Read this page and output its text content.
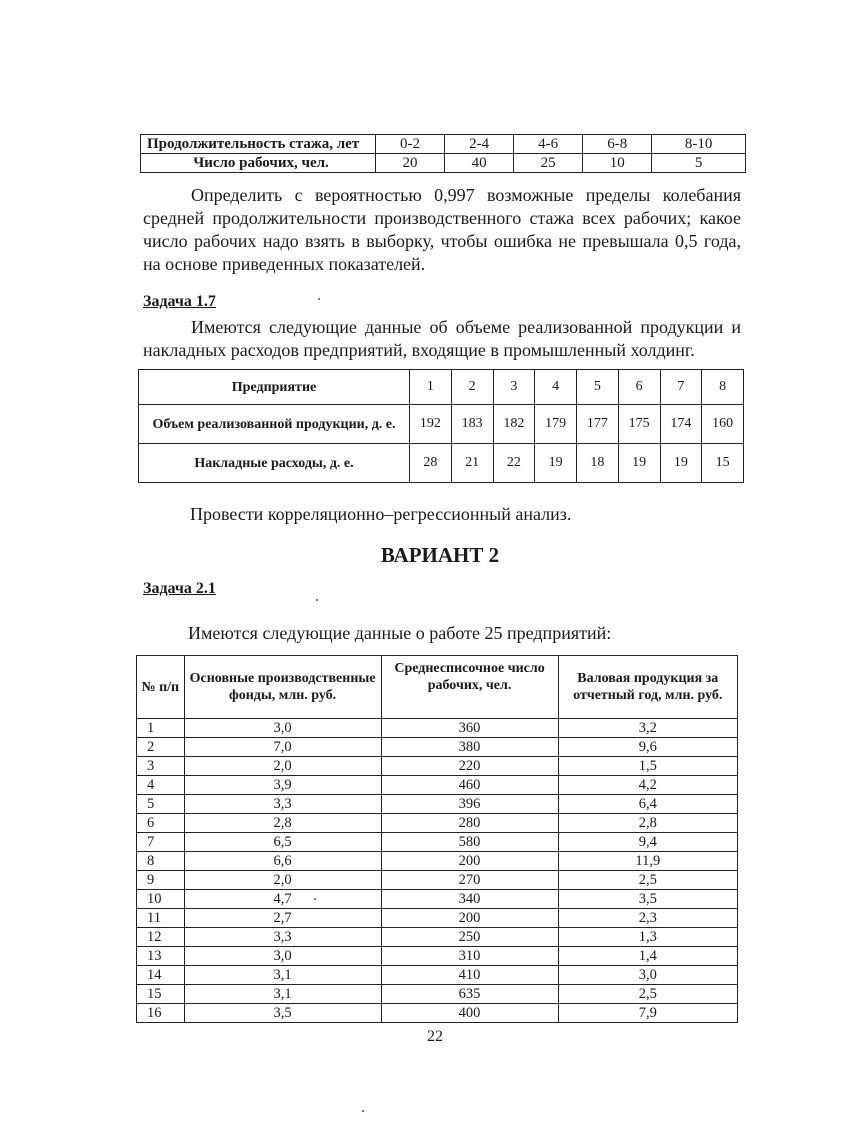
Продолжительность стажа, лет	0-2	2-4	4-6	6-8	8-10
Число рабочих, чел.	20	40	25	10	5
Определить с вероятностью 0,997 возможные пределы колебания средней продолжительности производственного стажа всех рабочих; какое число рабочих надо взять в выборку, чтобы ошибка не превышала 0,5 года, на основе приведенных показателей.
Задача 1.7
Имеются следующие данные об объеме реализованной продукции и накладных расходов предприятий, входящие в промышленный холдинг.
Предприятие	1	2	3	4	5	6	7	8
Объем реализованной продукции, д. е.	192	183	182	179	177	175	174	160
Накладные расходы, д. е.	28	21	22	19	18	19	19	15
Провести корреляционно–регрессионный анализ.
ВАРИАНТ 2
Задача 2.1
Имеются следующие данные о работе 25 предприятий:
№ п/п	Основные производственные фонды, млн. руб.	Среднесписочное число рабочих, чел.	Валовая продукция за отчетный год, млн. руб.
1	3,0	360	3,2
2	7,0	380	9,6
3	2,0	220	1,5
4	3,9	460	4,2
5	3,3	396	6,4
6	2,8	280	2,8
7	6,5	580	9,4
8	6,6	200	11,9
9	2,0	270	2,5
10	4,7	340	3,5
11	2,7	200	2,3
12	3,3	250	1,3
13	3,0	310	1,4
14	3,1	410	3,0
15	3,1	635	2,5
16	3,5	400	7,9
22
